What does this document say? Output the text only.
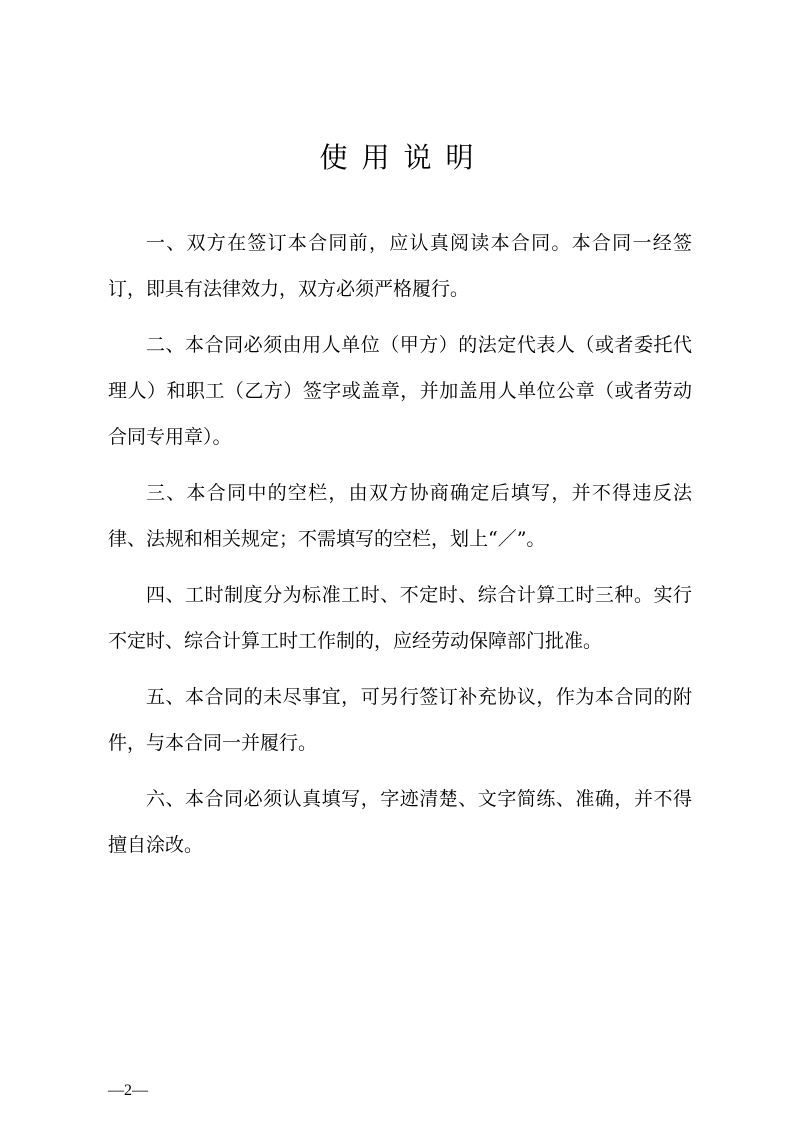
使用说明

一、双方在签订本合同前，应认真阅读本合同。本合同一经签订，即具有法律效力，双方必须严格履行。

二、本合同必须由用人单位（甲方）的法定代表人（或者委托代理人）和职工（乙方）签字或盖章，并加盖用人单位公章（或者劳动合同专用章）。

三、本合同中的空栏，由双方协商确定后填写，并不得违反法律、法规和相关规定；不需填写的空栏，划上“／”。

四、工时制度分为标准工时、不定时、综合计算工时三种。实行不定时、综合计算工时工作制的，应经劳动保障部门批准。

五、本合同的未尽事宜，可另行签订补充协议，作为本合同的附件，与本合同一并履行。

六、本合同必须认真填写，字迹清楚、文字简练、准确，并不得擅自涂改。

—2—
